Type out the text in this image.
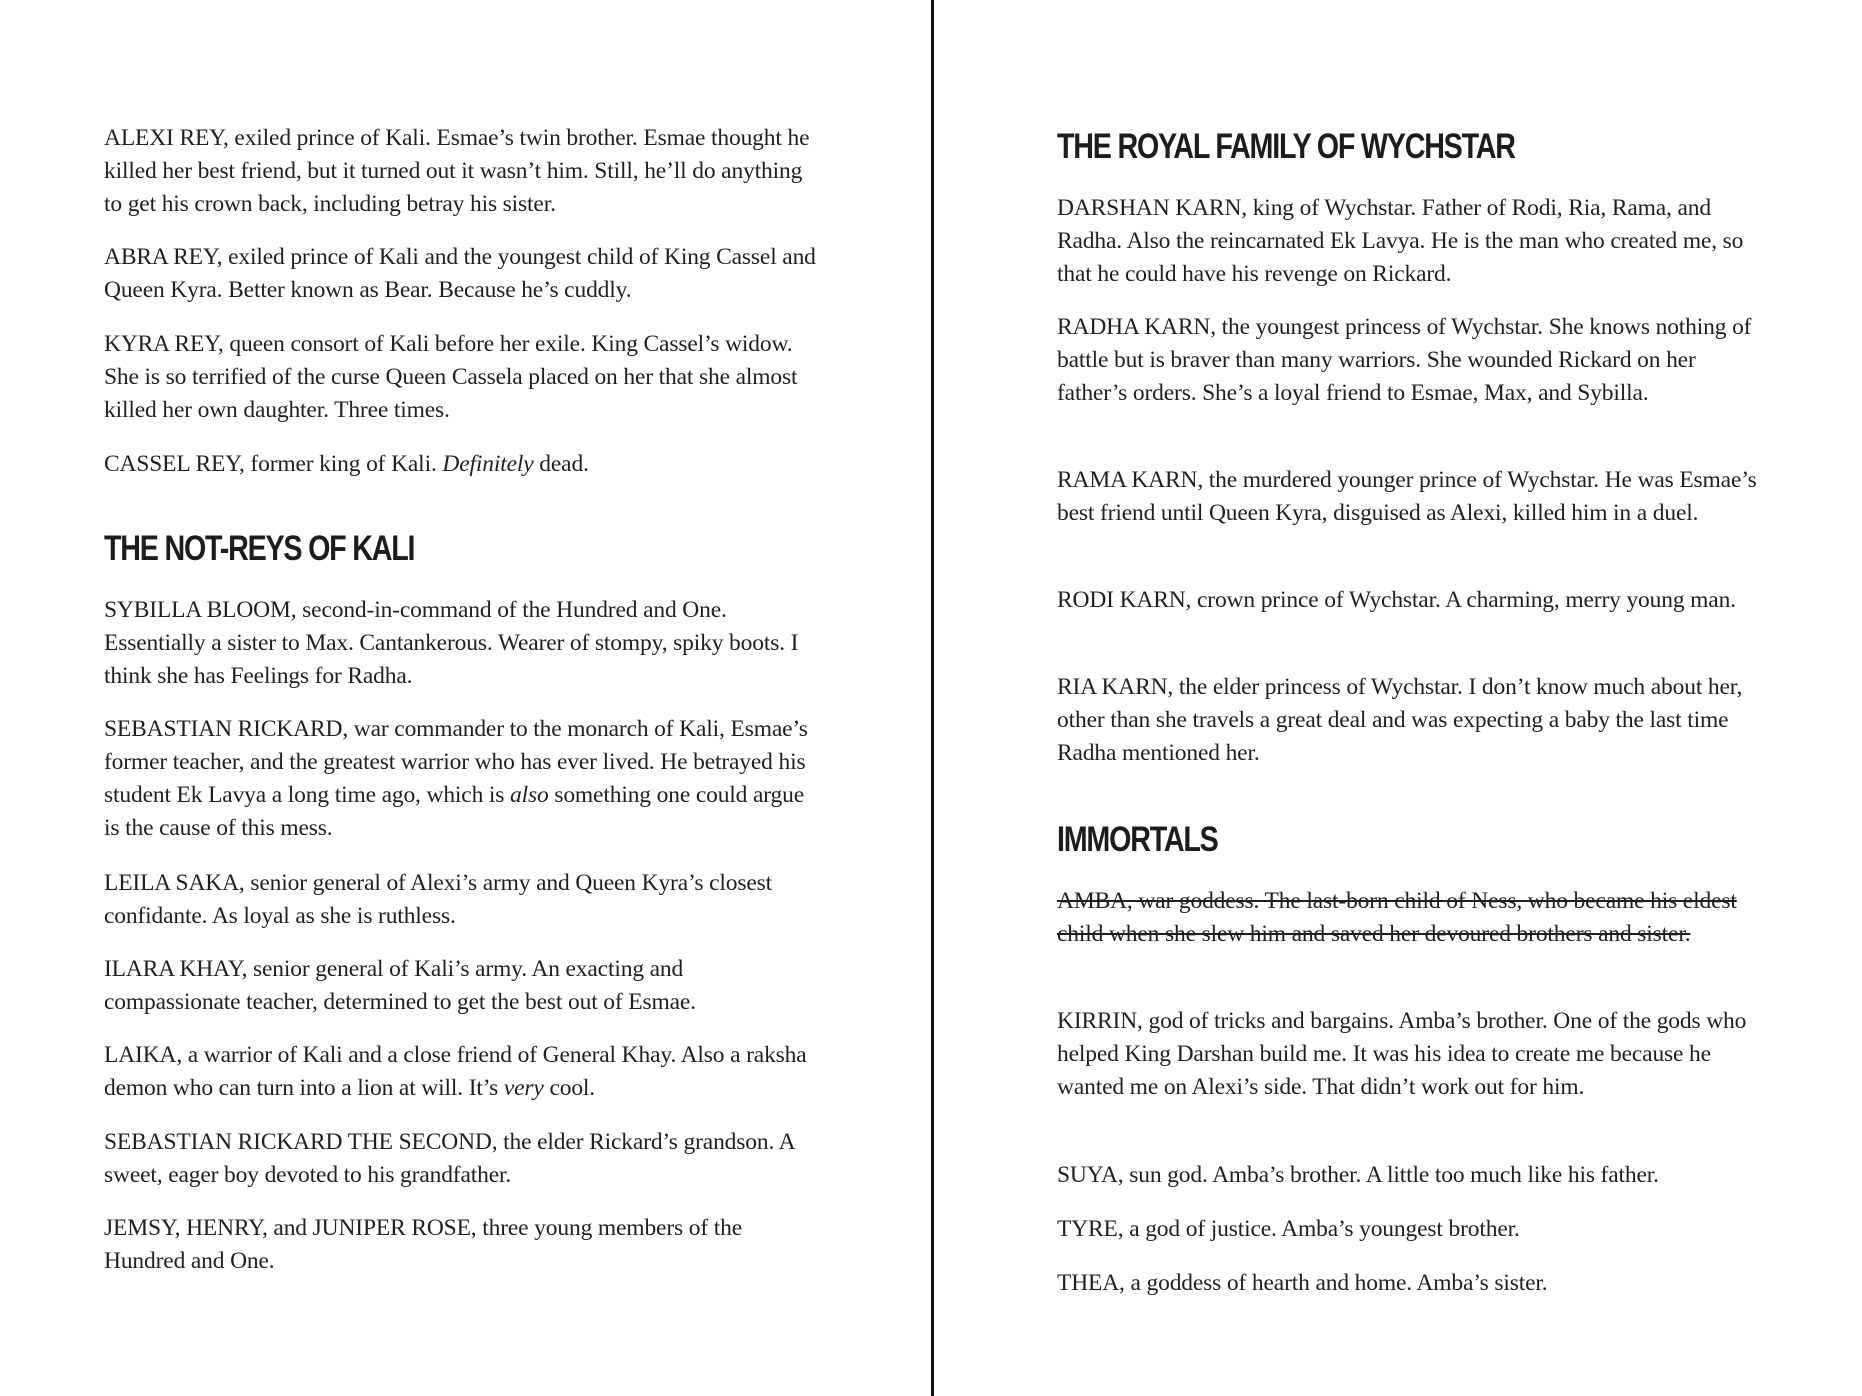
ALEXI REY, exiled prince of Kali. Esmae’s twin brother. Esmae thought he killed her best friend, but it turned out it wasn’t him. Still, he’ll do anything to get his crown back, including betray his sister.

ABRA REY, exiled prince of Kali and the youngest child of King Cassel and Queen Kyra. Better known as Bear. Because he’s cuddly.

KYRA REY, queen consort of Kali before her exile. King Cassel’s widow. She is so terrified of the curse Queen Cassela placed on her that she almost killed her own daughter. Three times.

CASSEL REY, former king of Kali. Definitely dead.

THE NOT-REYS OF KALI

SYBILLA BLOOM, second-in-command of the Hundred and One. Essentially a sister to Max. Cantankerous. Wearer of stompy, spiky boots. I think she has Feelings for Radha.

SEBASTIAN RICKARD, war commander to the monarch of Kali, Esmae’s former teacher, and the greatest warrior who has ever lived. He betrayed his student Ek Lavya a long time ago, which is also something one could argue is the cause of this mess.

LEILA SAKA, senior general of Alexi’s army and Queen Kyra’s closest confidante. As loyal as she is ruthless.

ILARA KHAY, senior general of Kali’s army. An exacting and compassionate teacher, determined to get the best out of Esmae.

LAIKA, a warrior of Kali and a close friend of General Khay. Also a raksha demon who can turn into a lion at will. It’s very cool.

SEBASTIAN RICKARD THE SECOND, the elder Rickard’s grandson. A sweet, eager boy devoted to his grandfather.

JEMSY, HENRY, and JUNIPER ROSE, three young members of the Hundred and One.

THE ROYAL FAMILY OF WYCHSTAR

DARSHAN KARN, king of Wychstar. Father of Rodi, Ria, Rama, and Radha. Also the reincarnated Ek Lavya. He is the man who created me, so that he could have his revenge on Rickard.

RADHA KARN, the youngest princess of Wychstar. She knows nothing of battle but is braver than many warriors. She wounded Rickard on her father’s orders. She’s a loyal friend to Esmae, Max, and Sybilla.

RAMA KARN, the murdered younger prince of Wychstar. He was Esmae’s best friend until Queen Kyra, disguised as Alexi, killed him in a duel.

RODI KARN, crown prince of Wychstar. A charming, merry young man.

RIA KARN, the elder princess of Wychstar. I don’t know much about her, other than she travels a great deal and was expecting a baby the last time Radha mentioned her.

IMMORTALS

AMBA, war goddess. The last-born child of Ness, who became his eldest child when she slew him and saved her devoured brothers and sister.

KIRRIN, god of tricks and bargains. Amba’s brother. One of the gods who helped King Darshan build me. It was his idea to create me because he wanted me on Alexi’s side. That didn’t work out for him.

SUYA, sun god. Amba’s brother. A little too much like his father.

TYRE, a god of justice. Amba’s youngest brother.

THEA, a goddess of hearth and home. Amba’s sister.
